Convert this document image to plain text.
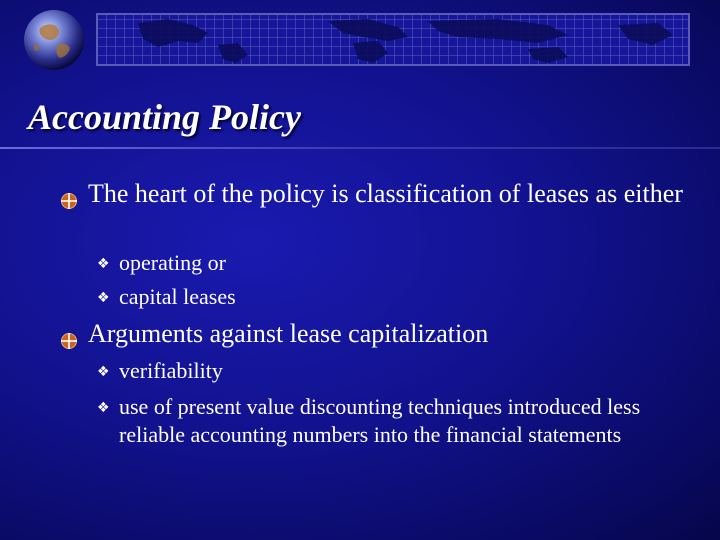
Accounting Policy
The heart of the policy is classification of leases as either
❖ operating or
❖ capital leases
Arguments against lease capitalization
❖ verifiability
❖ use of present value discounting techniques introduced less reliable accounting numbers into the financial statements
